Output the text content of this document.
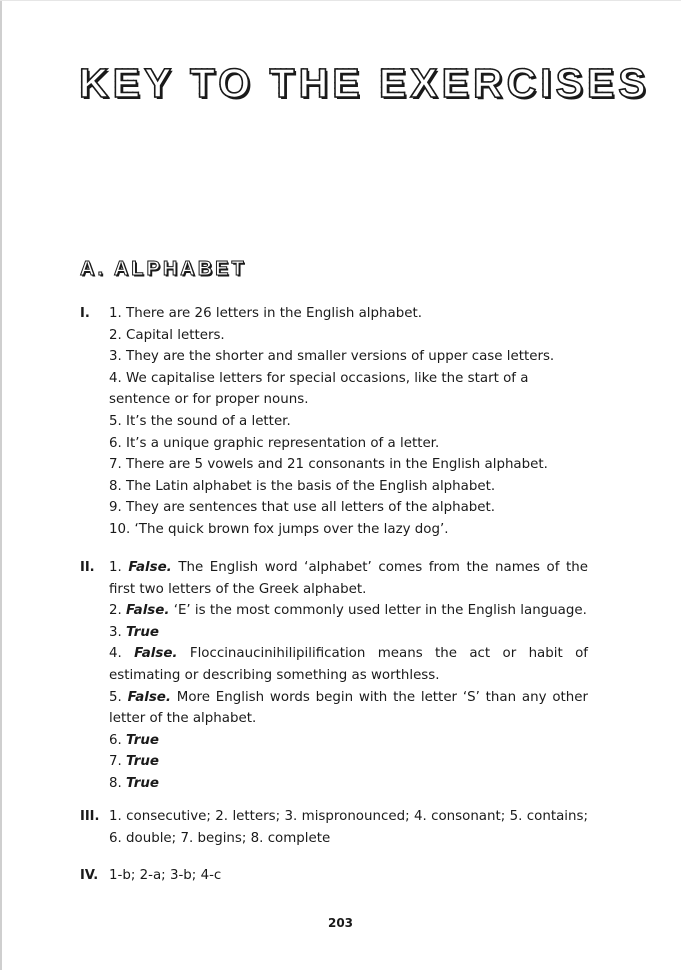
KEY TO THE EXERCISES
A. ALPHABET
I. 1. There are 26 letters in the English alphabet.

2. Capital letters.

3. They are the shorter and smaller versions of upper case letters.

4. We capitalise letters for special occasions, like the start of a sentence or for proper nouns.

5. It’s the sound of a letter.

6. It’s a unique graphic representation of a letter.

7. There are 5 vowels and 21 consonants in the English alphabet.

8. The Latin alphabet is the basis of the English alphabet.

9. They are sentences that use all letters of the alphabet.

10. ‘The quick brown fox jumps over the lazy dog’.

II. 1. False. The English word ‘alphabet’ comes from the names of the first two letters of the Greek alphabet.

2. False. ‘E’ is the most commonly used letter in the English language.

3. True

4. False. Floccinaucinihilipilification means the act or habit of estimating or describing something as worthless.

5. False. More English words begin with the letter ‘S’ than any other letter of the alphabet.

6. True

7. True

8. True

III. 1. consecutive; 2. letters; 3. mispronounced; 4. consonant; 5. contains; 6. double; 7. begins; 8. complete

IV. 1-b; 2-a; 3-b; 4-c

203
